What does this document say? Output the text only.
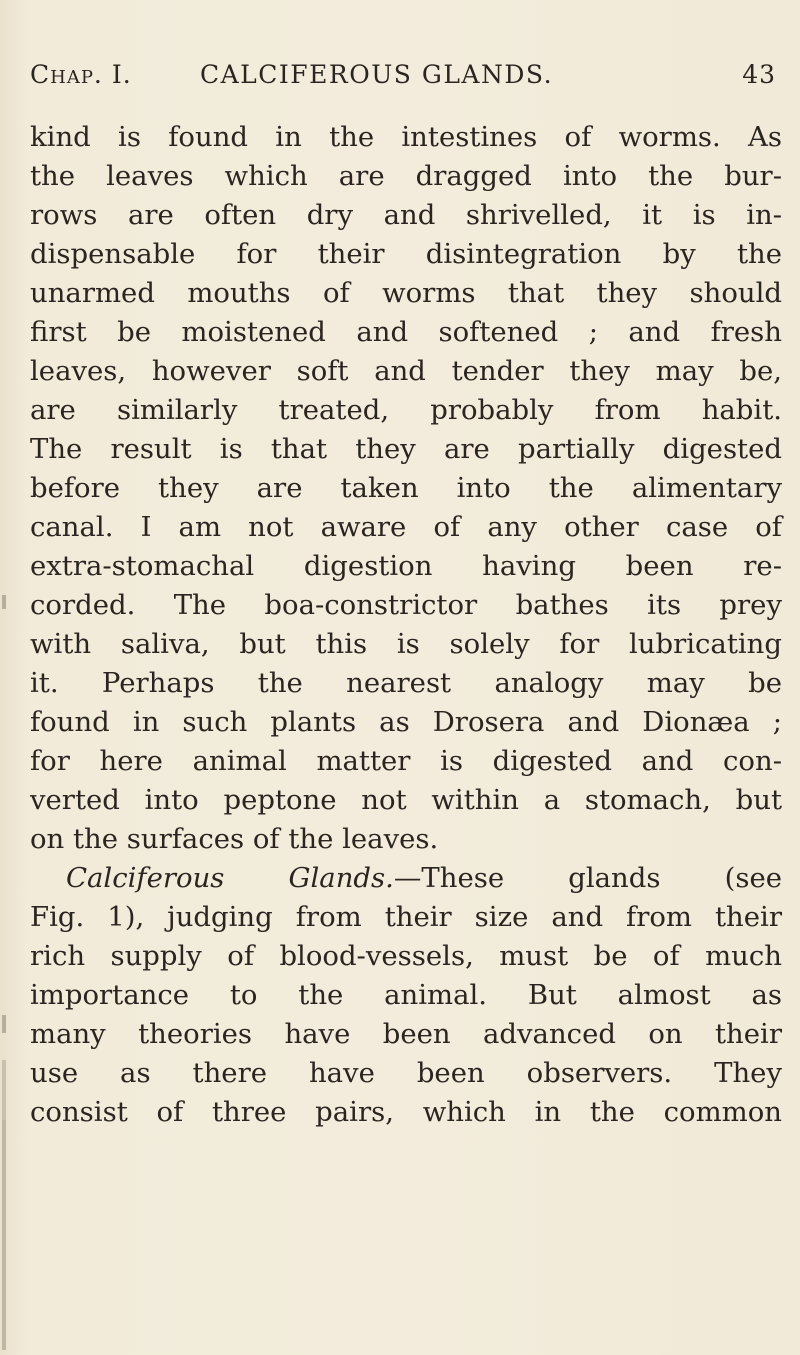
Chap. I.	CALCIFEROUS GLANDS.	43
kind is found in the intestines of worms. As
the leaves which are dragged into the bur-
rows are often dry and shrivelled, it is in-
dispensable for their disintegration by the
unarmed mouths of worms that they should
first be moistened and softened ; and fresh
leaves, however soft and tender they may be,
are similarly treated, probably from habit.
The result is that they are partially digested
before they are taken into the alimentary
canal. I am not aware of any other case of
extra-stomachal digestion having been re-
corded. The boa-constrictor bathes its prey
with saliva, but this is solely for lubricating
it. Perhaps the nearest analogy may be
found in such plants as Drosera and Dionæa ;
for here animal matter is digested and con-
verted into peptone not within a stomach, but
on the surfaces of the leaves.
Calciferous Glands.—These glands (see
Fig. 1), judging from their size and from their
rich supply of blood-vessels, must be of much
importance to the animal. But almost as
many theories have been advanced on their
use as there have been observers. They
consist of three pairs, which in the common
